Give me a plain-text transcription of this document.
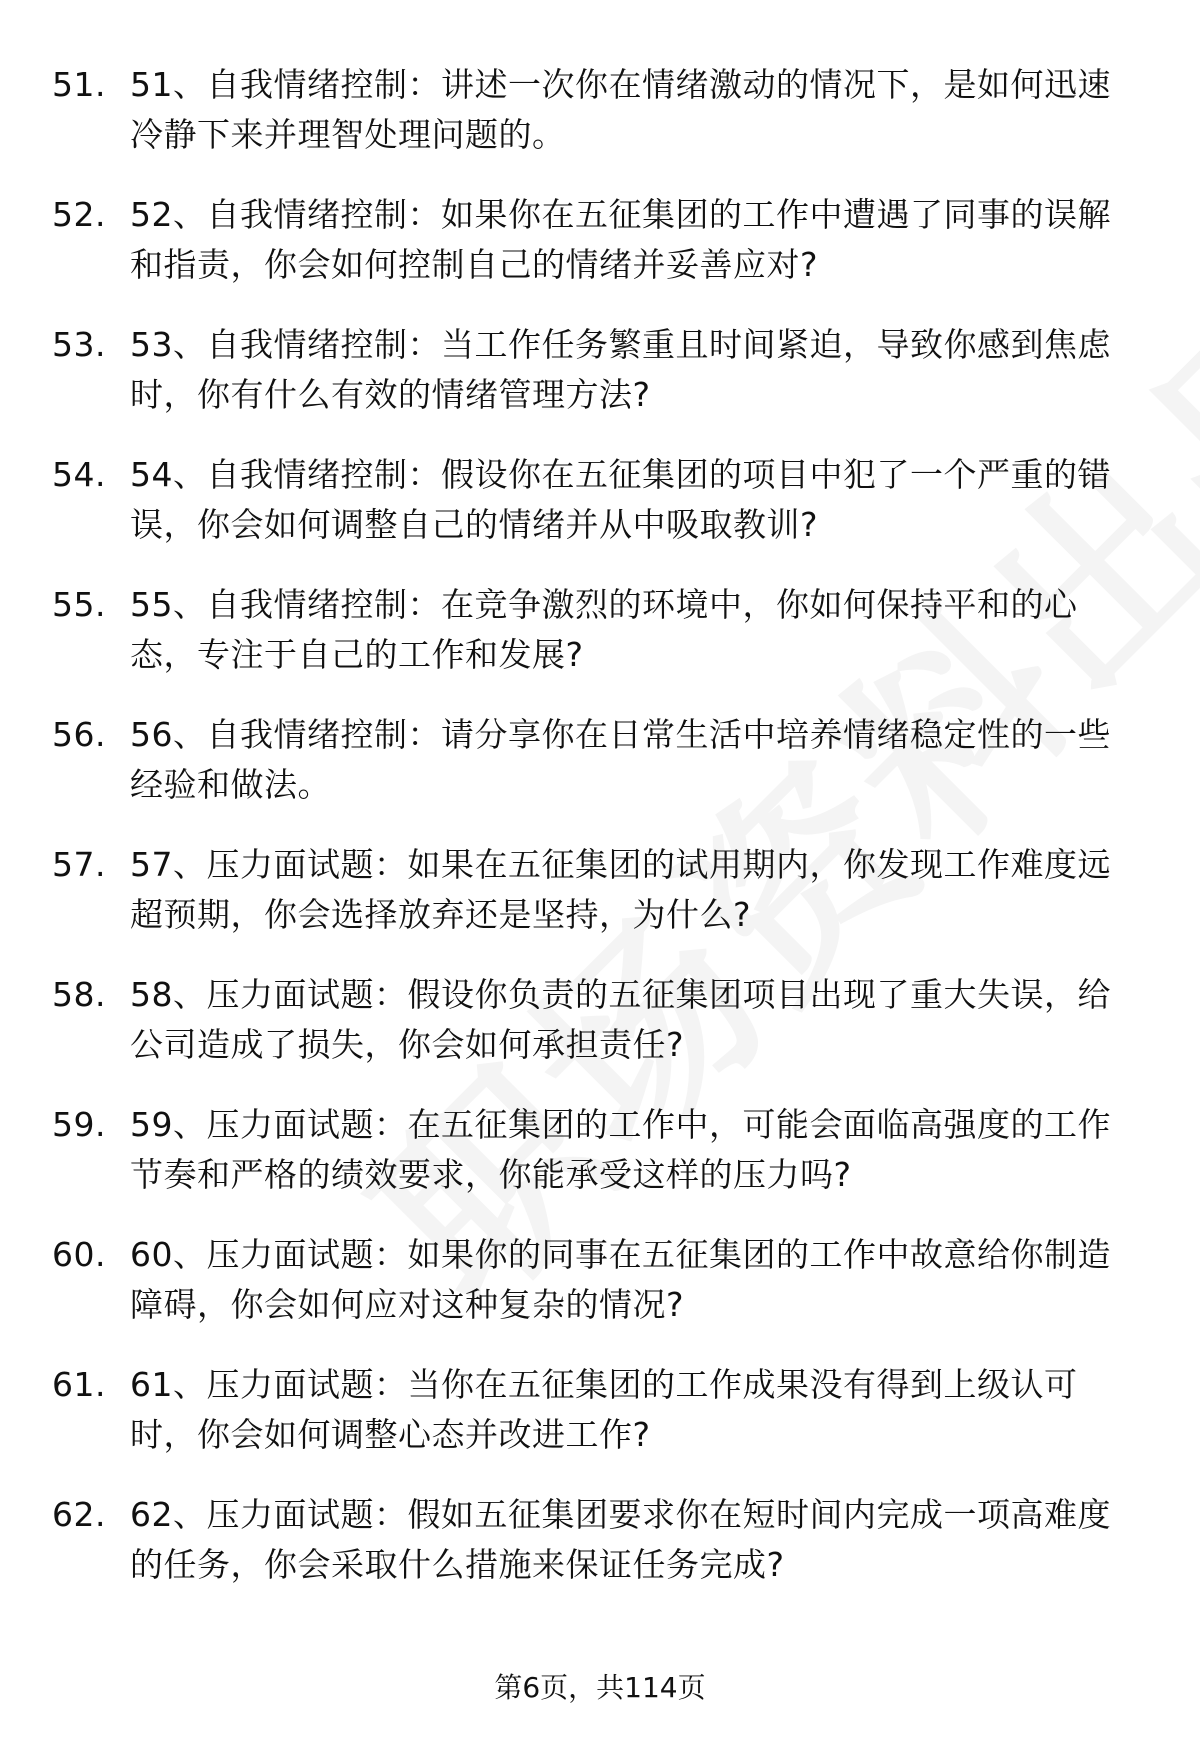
51. 51、自我情绪控制：讲述一次你在情绪激动的情况下，是如何迅速冷静下来并理智处理问题的。
52. 52、自我情绪控制：如果你在五征集团的工作中遭遇了同事的误解和指责，你会如何控制自己的情绪并妥善应对?
53. 53、自我情绪控制：当工作任务繁重且时间紧迫，导致你感到焦虑时，你有什么有效的情绪管理方法?
54. 54、自我情绪控制：假设你在五征集团的项目中犯了一个严重的错误，你会如何调整自己的情绪并从中吸取教训?
55. 55、自我情绪控制：在竞争激烈的环境中，你如何保持平和的心态，专注于自己的工作和发展?
56. 56、自我情绪控制：请分享你在日常生活中培养情绪稳定性的一些经验和做法。
57. 57、压力面试题：如果在五征集团的试用期内，你发现工作难度远超预期，你会选择放弃还是坚持，为什么?
58. 58、压力面试题：假设你负责的五征集团项目出现了重大失误，给公司造成了损失，你会如何承担责任?
59. 59、压力面试题：在五征集团的工作中，可能会面临高强度的工作节奏和严格的绩效要求，你能承受这样的压力吗?
60. 60、压力面试题：如果你的同事在五征集团的工作中故意给你制造障碍，你会如何应对这种复杂的情况?
61. 61、压力面试题：当你在五征集团的工作成果没有得到上级认可时，你会如何调整心态并改进工作?
62. 62、压力面试题：假如五征集团要求你在短时间内完成一项高难度的任务，你会采取什么措施来保证任务完成?
第6页，共114页
